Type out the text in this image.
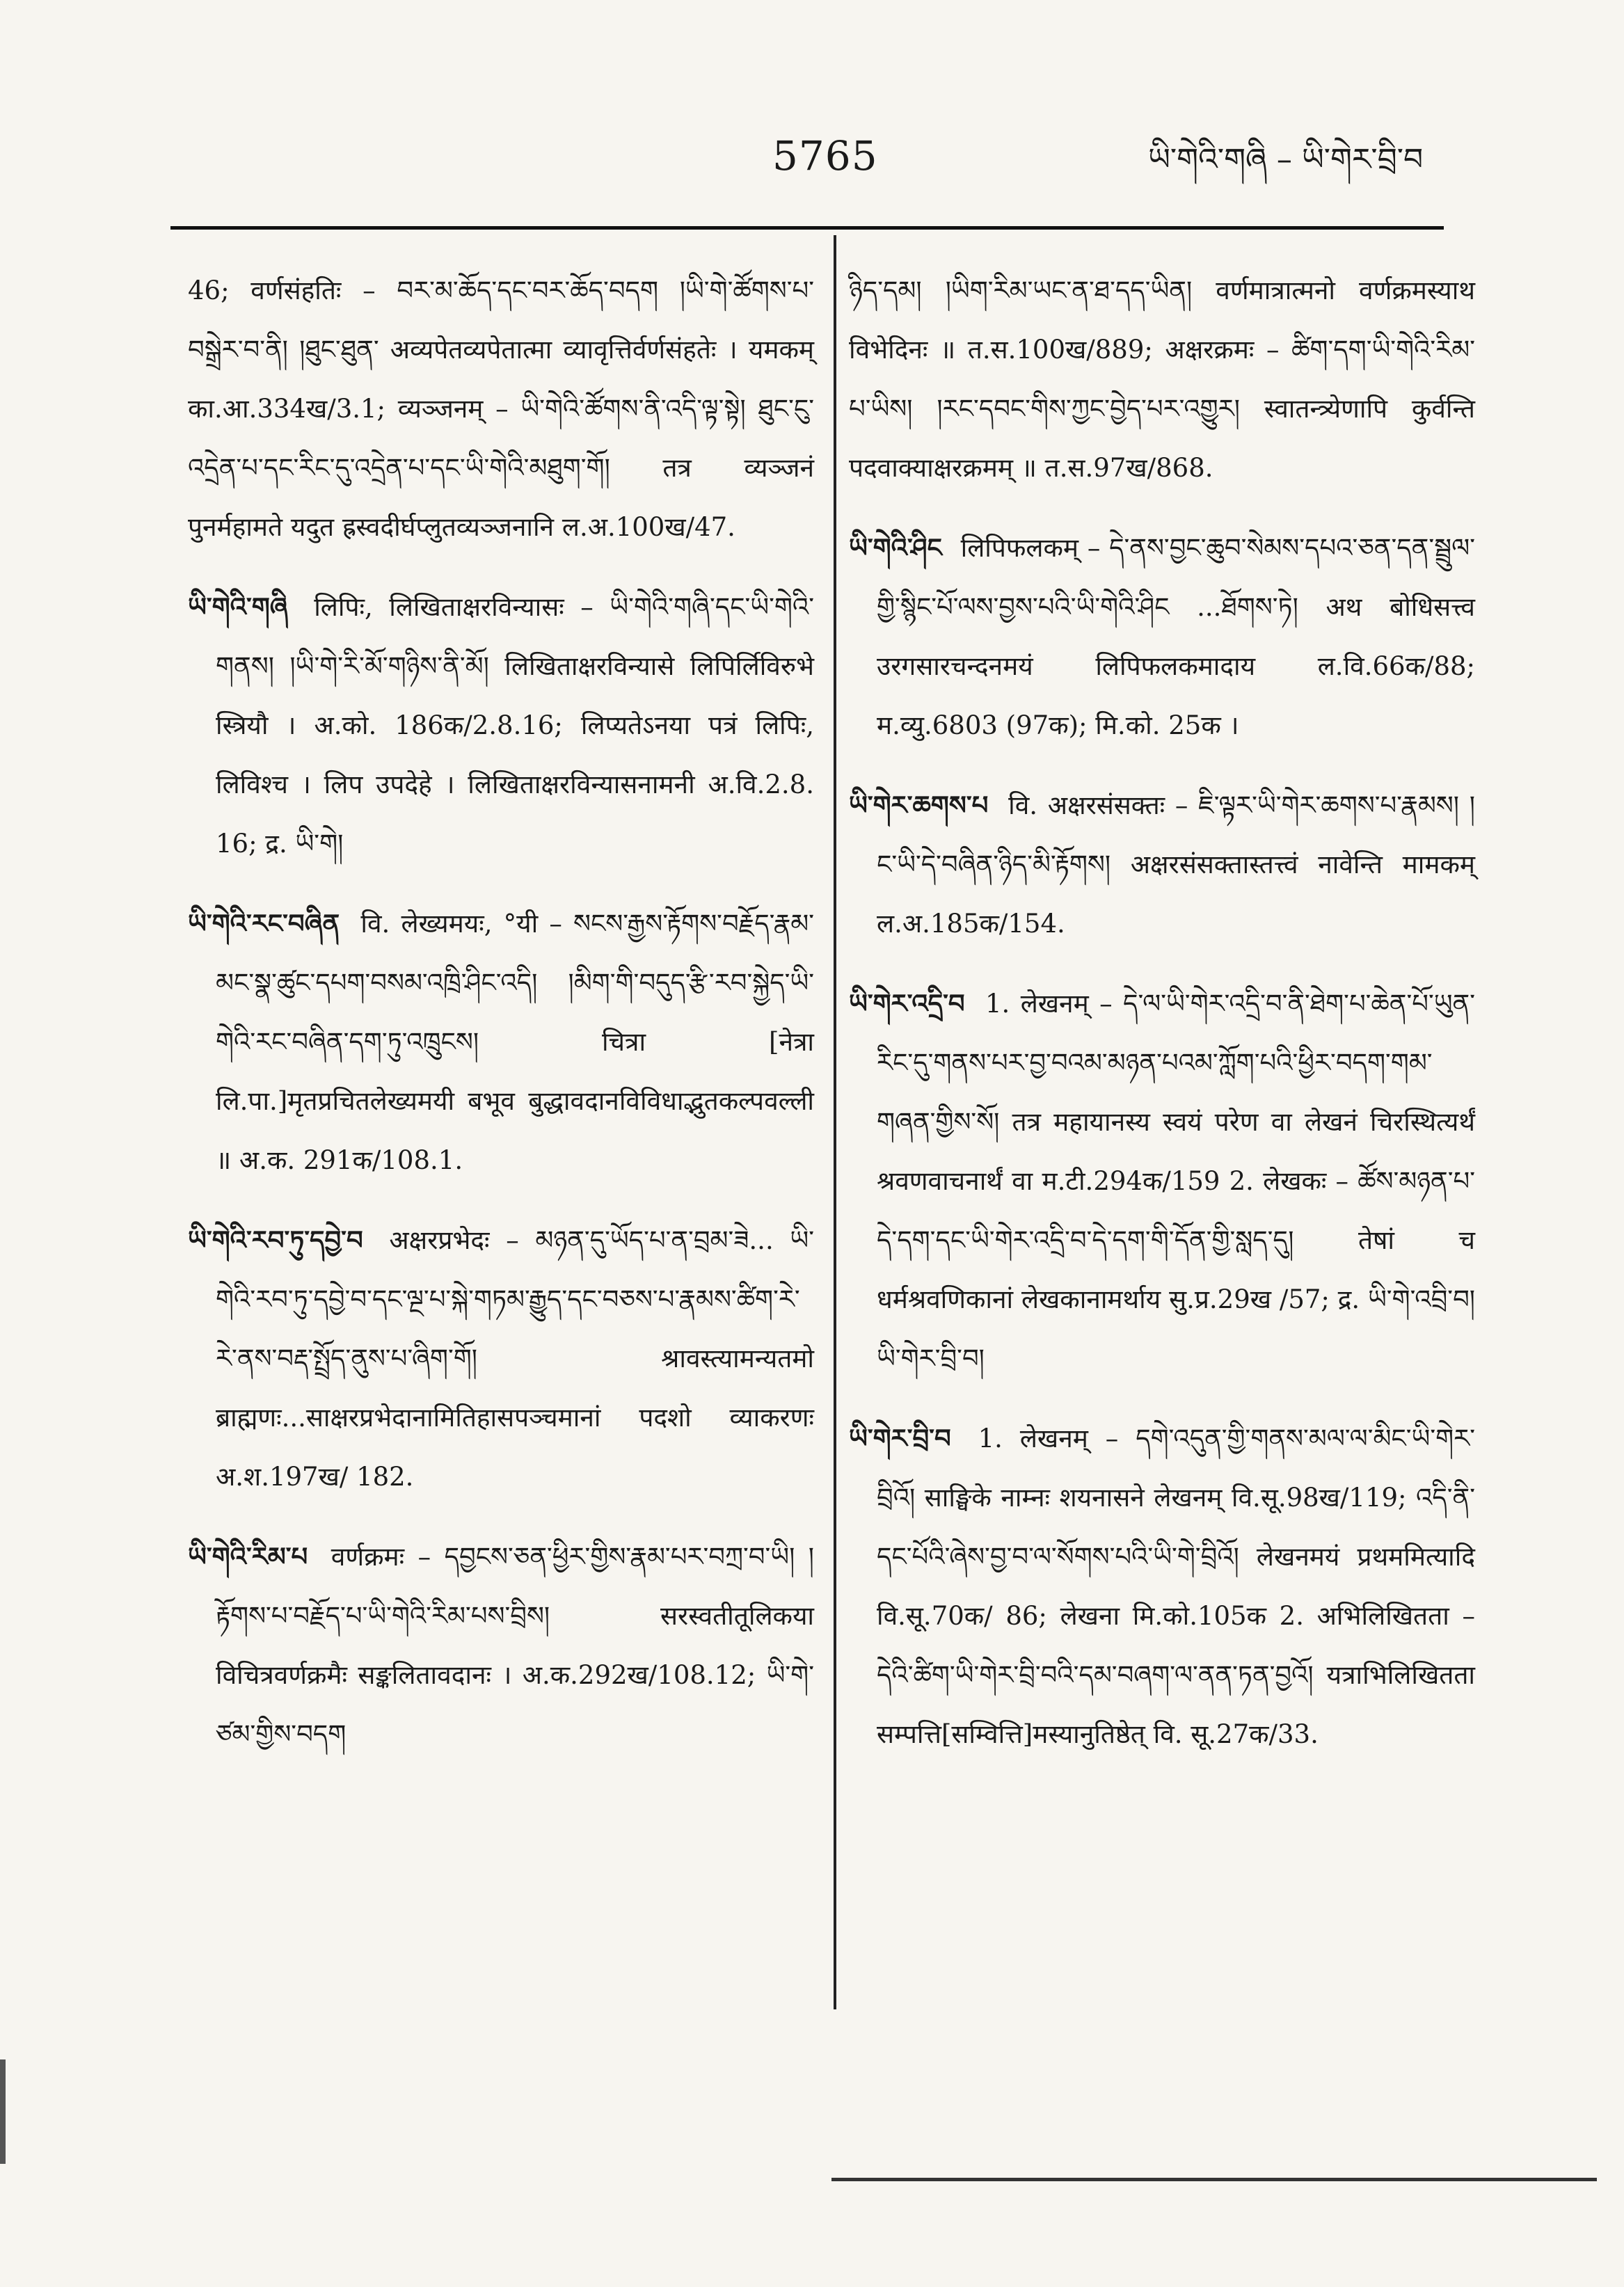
5765	ཡི་གེའི་གཞི – ཡི་གེར་བྲི་བ

46; वर्णसंहतिः – བར་མ་ཆོད་དང་བར་ཆོད་བདག །ཡི་གེ་ཚོགས་པ་བསྒྲེར་བ་ནི། །ཐུང་ཐུན་ अव्यपेतव्यपेतात्मा व्यावृत्तिर्वर्णसंहतेः । यमकम् का.आ.334ख/3.1; व्यञ्जनम् – ཡི་གེའི་ཚོགས་ནི་འདི་ལྟ་སྟེ། ཐུང་ངུ་འདྲེན་པ་དང་རིང་དུ་འདྲེན་པ་དང་ཡི་གེའི་མཐུག་གོ། तत्र व्यञ्जनं पुनर्महामते यदुत ह्रस्वदीर्घप्लुतव्यञ्जनानि ल.अ.100ख/47.

ཡི་གེའི་གཞི लिपिः, लिखिताक्षरविन्यासः – ཡི་གེའི་གཞི་དང་ཡི་གེའི་གནས། །ཡི་གེ་རི་མོ་གཉིས་ནི་མོ། लिखिताक्षरविन्यासे लिपिर्लिविरुभे स्त्रियौ । अ.को. 186क/2.8.16; लिप्यतेऽनया पत्रं लिपिः, लिविश्च । लिप उपदेहे । लिखिताक्षरविन्यासनामनी अ.वि.2.8. 16; द्र. ཡི་གེ།

ཡི་གེའི་རང་བཞིན वि. लेख्यमयः, °यी – སངས་རྒྱས་རྟོགས་བརྗོད་རྣམ་མང་སྣ་ཚུང་དཔག་བསམ་འཁྲི་ཤིང་འདི། །མིག་གི་བདུད་རྩི་རབ་སྐྱེད་ཡི་གེའི་རང་བཞིན་དག་ཏུ་འཁྲུངས། चित्रा [नेत्रा लि.पा.]मृतप्रचितलेख्यमयी बभूव बुद्धावदानविविधाद्भुतकल्पवल्ली ॥ अ.क. 291क/108.1.

ཡི་གེའི་རབ་ཏུ་དབྱེ་བ अक्षरप्रभेदः – མཉན་དུ་ཡོད་པ་ན་བྲམ་ཟེ... ཡི་གེའི་རབ་ཏུ་དབྱེ་བ་དང་ལྔ་པ་སྐེ་གཏམ་རྒྱུད་དང་བཅས་པ་རྣམས་ཚིག་རེ་རེ་ནས་བརྡ་སྤྲོད་ནུས་པ་ཞིག་གོ། श्रावस्त्यामन्यतमो ब्राह्मणः...साक्षरप्रभेदानामितिहासपञ्चमानां पदशो व्याकरणः अ.श.197ख/ 182.

ཡི་གེའི་རིམ་པ वर्णक्रमः – དབྱངས་ཅན་ཕྱིར་གྱིས་རྣམ་པར་བཀྲ་བ་ཡི། །རྟོགས་པ་བརྗོད་པ་ཡི་གེའི་རིམ་པས་བྲིས། सरस्वतीतूलिकया विचित्रवर्णक्रमैः सङ्कलितावदानः । अ.क.292ख/108.12; ཡི་གེ་ཙམ་གྱིས་བདག

ཉིད་དམ། །ཡིག་རིམ་ཡང་ན་ཐ་དད་ཡིན། वर्णमात्रात्मनो वर्णक्रमस्याथ विभेदिनः ॥ त.स.100ख/889; अक्षरक्रमः – ཚིག་དག་ཡི་གེའི་རིམ་པ་ཡིས། །རང་དབང་གིས་ཀྱང་བྱེད་པར་འགྱུར། स्वातन्त्र्येणापि कुर्वन्ति पदवाक्याक्षरक्रमम् ॥ त.स.97ख/868.

ཡི་གེའི་ཤིང लिपिफलकम् – དེ་ནས་བྱང་ཆུབ་སེམས་དཔའ་ཅན་དན་སྦྲུལ་གྱི་སྙིང་པོ་ལས་བྱས་པའི་ཡི་གེའི་ཤིང ...ཐོགས་ཏེ། अथ बोधिसत्त्व उरगसारचन्दनमयं लिपिफलकमादाय ल.वि.66क/88; म.व्यु.6803 (97क); मि.को. 25क ।

ཡི་གེར་ཆགས་པ वि. अक्षरसंसक्तः – ཇི་ལྟར་ཡི་གེར་ཆགས་པ་རྣམས། །ང་ཡི་དེ་བཞིན་ཉིད་མི་རྟོགས། अक्षरसंसक्तास्तत्त्वं नावेन्ति मामकम् ल.अ.185क/154.

ཡི་གེར་འདྲི་བ 1. लेखनम् – དེ་ལ་ཡི་གེར་འདྲི་བ་ནི་ཐེག་པ་ཆེན་པོ་ཡུན་རིང་དུ་གནས་པར་བྱ་བའམ་མཉན་པའམ་ཀློག་པའི་ཕྱིར་བདག་གམ་གཞན་གྱིས་སོ། तत्र महायानस्य स्वयं परेण वा लेखनं चिरस्थित्यर्थं श्रवणवाचनार्थं वा म.टी.294क/159 2. लेखकः – ཚོས་མཉན་པ་དེ་དག་དང་ཡི་གེར་འདྲི་བ་དེ་དག་གི་དོན་གྱི་སླད་དུ། तेषां च धर्मश्रवणिकानां लेखकानामर्थाय सु.प्र.29ख /57; द्र. ཡི་གེ་འབྲི་བ། ཡི་གེར་བྲི་བ།

ཡི་གེར་བྲི་བ 1. लेखनम् – དགེ་འདུན་གྱི་གནས་མལ་ལ་མིང་ཡི་གེར་བྲིའོ། साङ्घिके नाम्नः शयनासने लेखनम् वि.सू.98ख/119; འདི་ནི་དང་པོའི་ཞེས་བྱ་བ་ལ་སོགས་པའི་ཡི་གེ་བྲིའོ། लेखनमयं प्रथममित्यादि वि.सू.70क/ 86; लेखना मि.को.105क 2. अभिलिखितता – དེའི་ཚིག་ཡི་གེར་བྲི་བའི་དམ་བཞག་ལ་ནན་ཏན་བྱའོ། यत्राभिलिखितता सम्पत्ति[सम्वित्ति]मस्यानुतिष्ठेत् वि. सू.27क/33.
